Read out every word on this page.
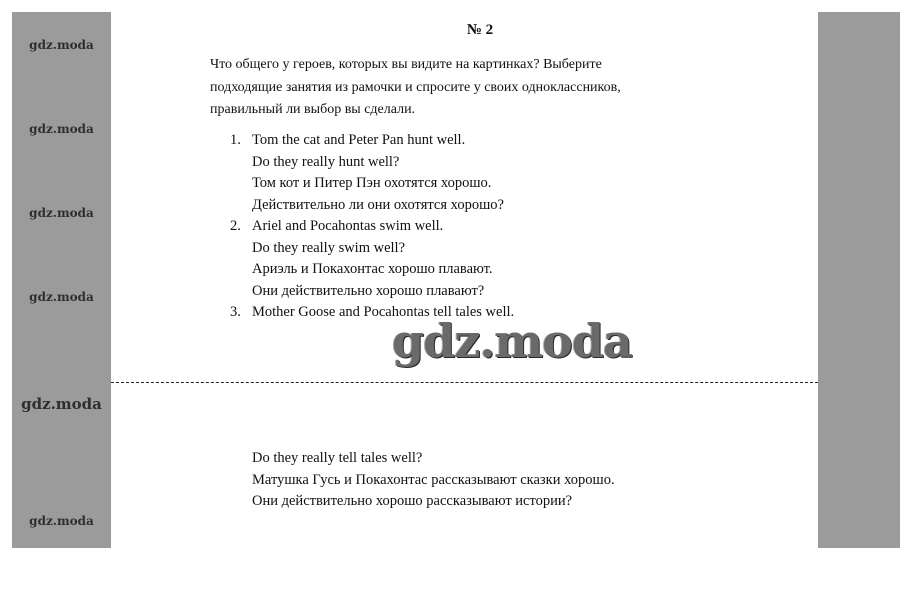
gdz.moda
gdz.moda
gdz.moda
gdz.moda
gdz.moda
gdz.moda
№ 2
Что общего у героев, которых вы видите на картинках? Выберите
подходящие занятия из рамочки и спросите у своих одноклассников,
правильный ли выбор вы сделали.
1. Tom the cat and Peter Pan hunt well.
Do they really hunt well?
Том кот и Питер Пэн охотятся хорошо.
Действительно ли они охотятся хорошо?
2. Ariel and Pocahontas swim well.
Do they really swim well?
Ариэль и Покахонтас хорошо плавают.
Они действительно хорошо плавают?
3. Mother Goose and Pocahontas tell tales well.
gdz.moda
Do they really tell tales well?
Матушка Гусь и Покахонтас рассказывают сказки хорошо.
Они действительно хорошо рассказывают истории?
